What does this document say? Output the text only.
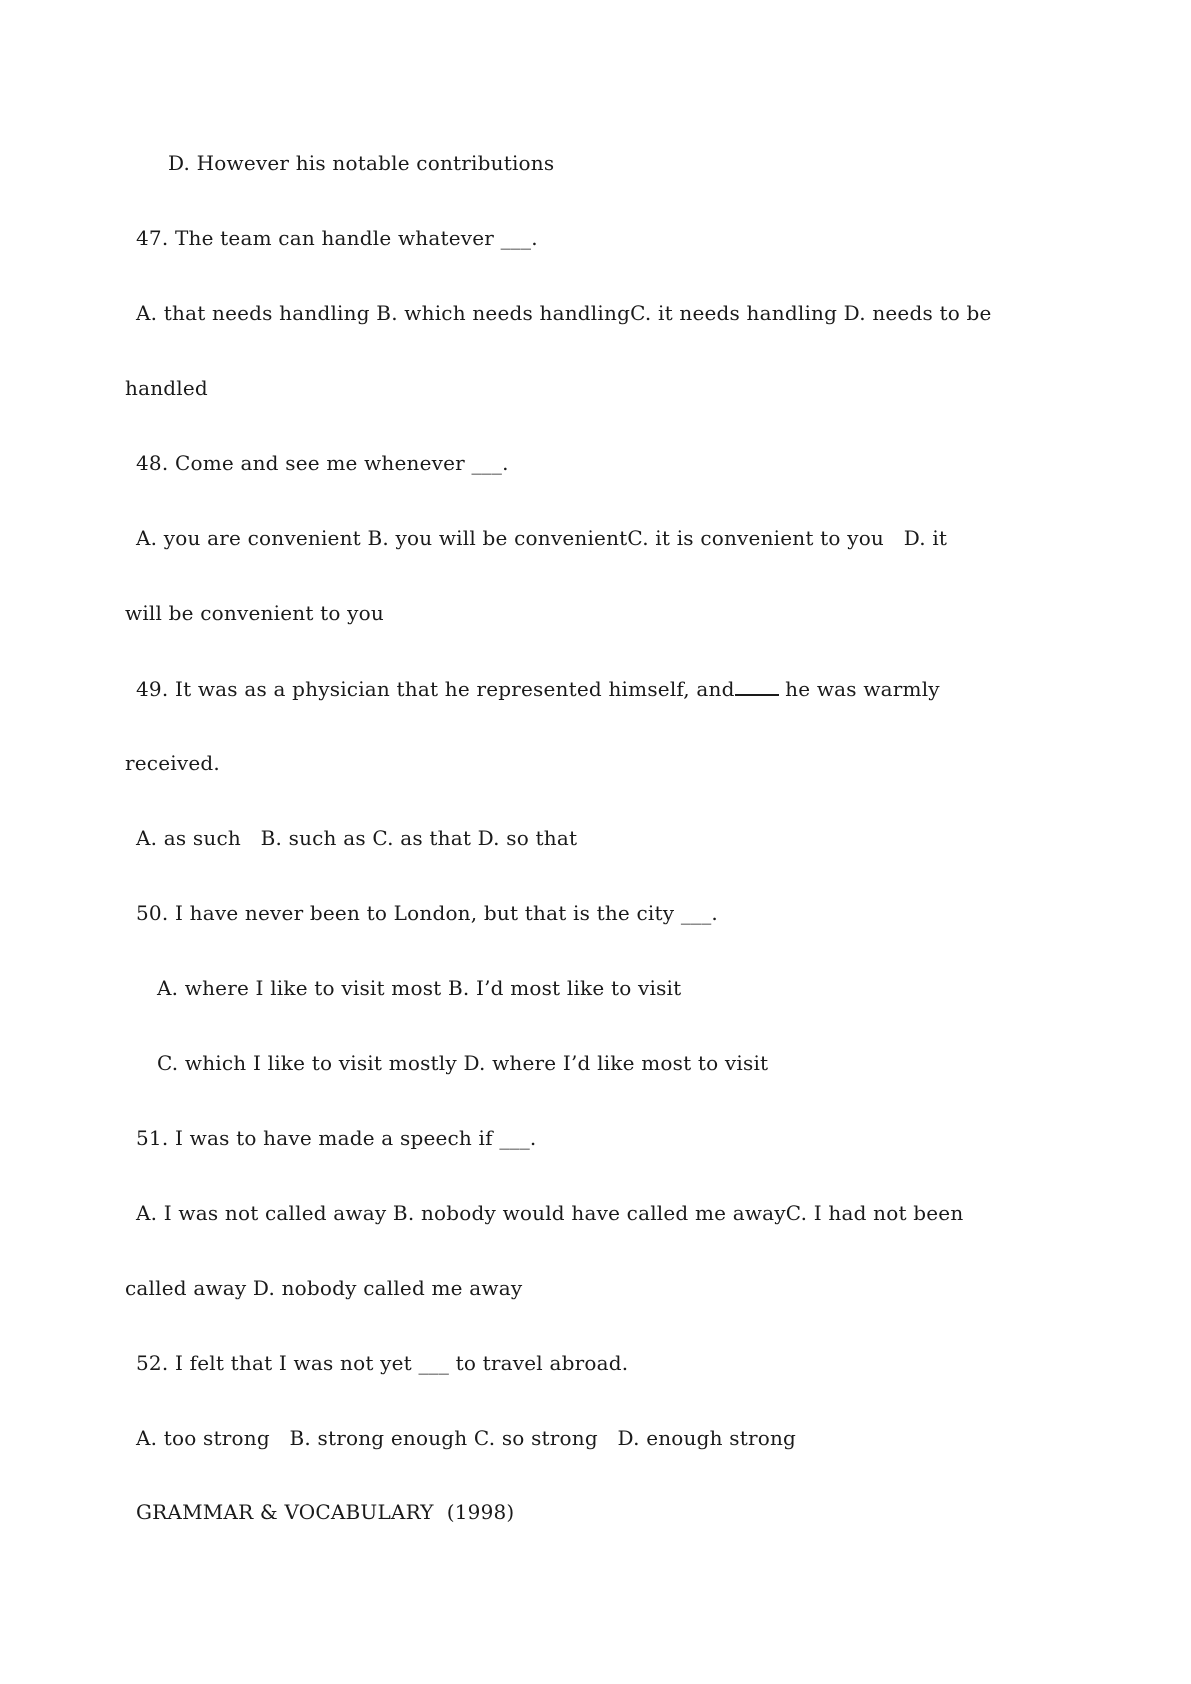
D. However his notable contributions
47. The team can handle whatever ___.
A. that needs handling B. which needs handlingC. it needs handling D. needs to be
handled
48. Come and see me whenever ___.
A. you are convenient B. you will be convenientC. it is convenient to you   D. it
will be convenient to you
49. It was as a physician that he represented himself, and he was warmly
received.
A. as such   B. such as C. as that D. so that
50. I have never been to London, but that is the city ___.
A. where I like to visit most B. I’d most like to visit
C. which I like to visit mostly D. where I’d like most to visit
51. I was to have made a speech if ___.
A. I was not called away B. nobody would have called me awayC. I had not been
called away D. nobody called me away
52. I felt that I was not yet ___ to travel abroad.
A. too strong   B. strong enough C. so strong   D. enough strong
GRAMMAR & VOCABULARY  (1998)
